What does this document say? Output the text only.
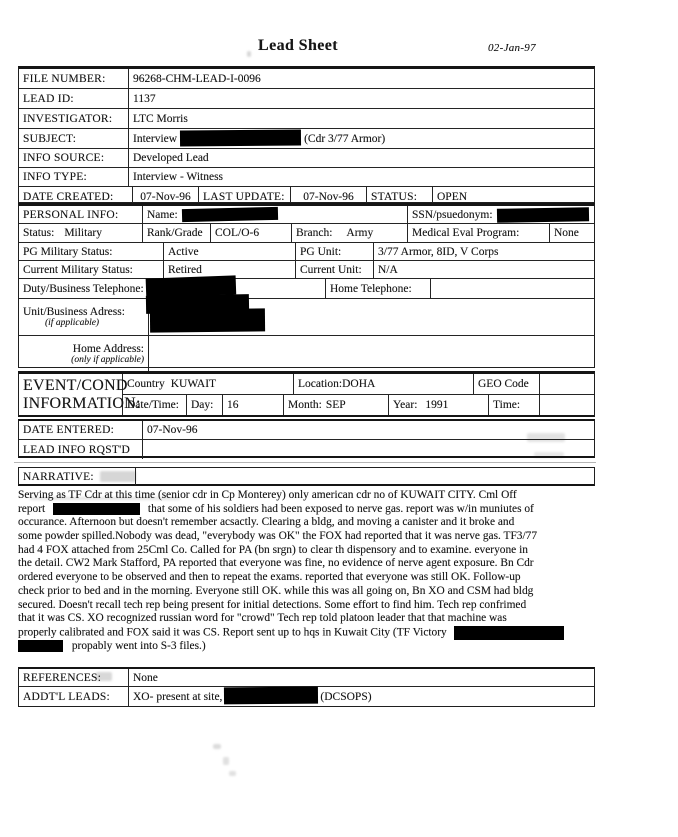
Lead Sheet	02-Jan-97
FILE NUMBER: 96268-CHM-LEAD-I-0096
LEAD ID:	1137
INVESTIGATOR: LTC Morris
SUBJECT:	Interview	(Cdr 3/77 Armor)
INFO SOURCE: Developed Lead
INFO TYPE:	Interview - Witness
DATE CREATED: 07-Nov-96 LAST UPDATE: 07-Nov-96 STATUS: OPEN
PERSONAL INFO: Name:	SSN/psuedonym:
Status: Military	Rank/Grade COL/O-6	Branch: Army	Medical Eval Program:	None
PG Military Status:	Active	PG Unit:	3/77 Armor, 8ID, V Corps
Current Military Status:	Retired	Current Unit: N/A
Duty/Business Telephone:	Home Telephone:
Unit/Business Adress:
(if applicable)
Home Address:
(only if applicable)
EVENT/COND
INFORMATION:
Country KUWAIT	Location: DOHA	GEO Code
Date/Time: Day: 16	Month: SEP	Year: 1991	Time:
DATE ENTERED:	07-Nov-96
LEAD INFO RQST'D
NARRATIVE:
Serving as TF Cdr at this time (senior cdr in Cp Monterey) only american cdr no of KUWAIT CITY. Cml Off
report	that some of his soldiers had been exposed to nerve gas. report was w/in muniutes of
occurance. Afternoon but doesn't remember acsactly. Clearing a bldg, and moving a canister and it broke and
some powder spilled.Nobody was dead, "everybody was OK" the FOX had reported that it was nerve gas. TF3/77
had 4 FOX attached from 25Cml Co. Called for PA (bn srgn) to clear th dispensory and to examine. everyone in
the detail. CW2 Mark Stafford, PA reported that everyone was fine, no evidence of nerve agent exposure. Bn Cdr
ordered everyone to be observed and then to repeat the exams. reported that everyone was still OK. Follow-up
check prior to bed and in the morning. Everyone still OK. while this was all going on, Bn XO and CSM had bldg
secured. Doesn't recall tech rep being present for initial detections. Some effort to find him. Tech rep confrimed
that it was CS. XO recognized russian word for "crowd" Tech rep told platoon leader that that machine was
properly calibrated and FOX said it was CS. Report sent up to hqs in Kuwait City (TF Victory
propably went into S-3 files.)
REFERENCES:	None
ADDT'L LEADS: XO- present at site,	(DCSOPS)
